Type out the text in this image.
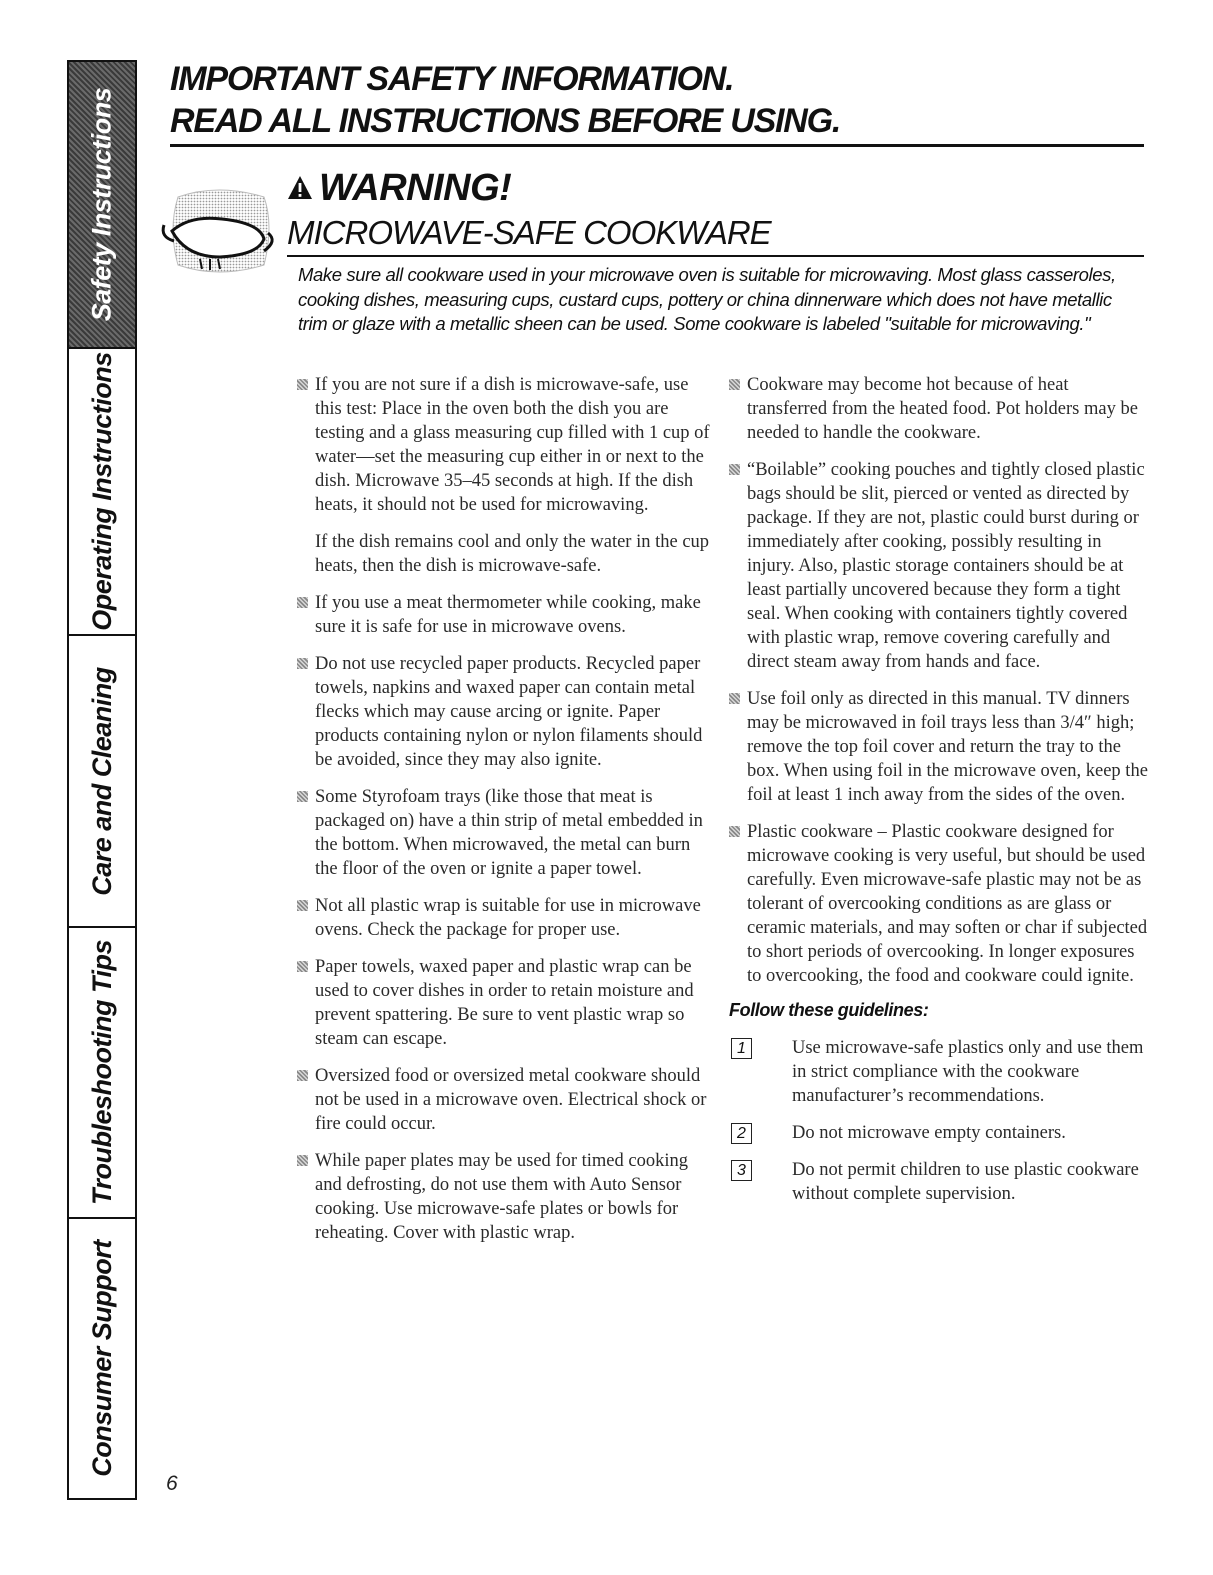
Safety Instructions
Operating Instructions
Care and Cleaning
Troubleshooting Tips
Consumer Support
IMPORTANT SAFETY INFORMATION.
READ ALL INSTRUCTIONS BEFORE USING.
WARNING!
MICROWAVE-SAFE COOKWARE

Make sure all cookware used in your microwave oven is suitable for microwaving. Most glass casseroles, cooking dishes, measuring cups, custard cups, pottery or china dinnerware which does not have metallic trim or glaze with a metallic sheen can be used. Some cookware is labeled "suitable for microwaving."

If you are not sure if a dish is microwave-safe, use this test: Place in the oven both the dish you are testing and a glass measuring cup filled with 1 cup of water—set the measuring cup either in or next to the dish. Microwave 35–45 seconds at high. If the dish heats, it should not be used for microwaving.

If the dish remains cool and only the water in the cup heats, then the dish is microwave-safe.

If you use a meat thermometer while cooking, make sure it is safe for use in microwave ovens.

Do not use recycled paper products. Recycled paper towels, napkins and waxed paper can contain metal flecks which may cause arcing or ignite. Paper products containing nylon or nylon filaments should be avoided, since they may also ignite.

Some Styrofoam trays (like those that meat is packaged on) have a thin strip of metal embedded in the bottom. When microwaved, the metal can burn the floor of the oven or ignite a paper towel.

Not all plastic wrap is suitable for use in microwave ovens. Check the package for proper use.

Paper towels, waxed paper and plastic wrap can be used to cover dishes in order to retain moisture and prevent spattering. Be sure to vent plastic wrap so steam can escape.

Oversized food or oversized metal cookware should not be used in a microwave oven. Electrical shock or fire could occur.

While paper plates may be used for timed cooking and defrosting, do not use them with Auto Sensor cooking. Use microwave-safe plates or bowls for reheating. Cover with plastic wrap.

Cookware may become hot because of heat transferred from the heated food. Pot holders may be needed to handle the cookware.

“Boilable” cooking pouches and tightly closed plastic bags should be slit, pierced or vented as directed by package. If they are not, plastic could burst during or immediately after cooking, possibly resulting in injury. Also, plastic storage containers should be at least partially uncovered because they form a tight seal. When cooking with containers tightly covered with plastic wrap, remove covering carefully and direct steam away from hands and face.

Use foil only as directed in this manual. TV dinners may be microwaved in foil trays less than 3/4″ high; remove the top foil cover and return the tray to the box. When using foil in the microwave oven, keep the foil at least 1 inch away from the sides of the oven.

Plastic cookware – Plastic cookware designed for microwave cooking is very useful, but should be used carefully. Even microwave-safe plastic may not be as tolerant of overcooking conditions as are glass or ceramic materials, and may soften or char if subjected to short periods of overcooking. In longer exposures to overcooking, the food and cookware could ignite.

Follow these guidelines:

1	Use microwave-safe plastics only and use them in strict compliance with the cookware manufacturer’s recommendations.

2	Do not microwave empty containers.

3	Do not permit children to use plastic cookware without complete supervision.

6
